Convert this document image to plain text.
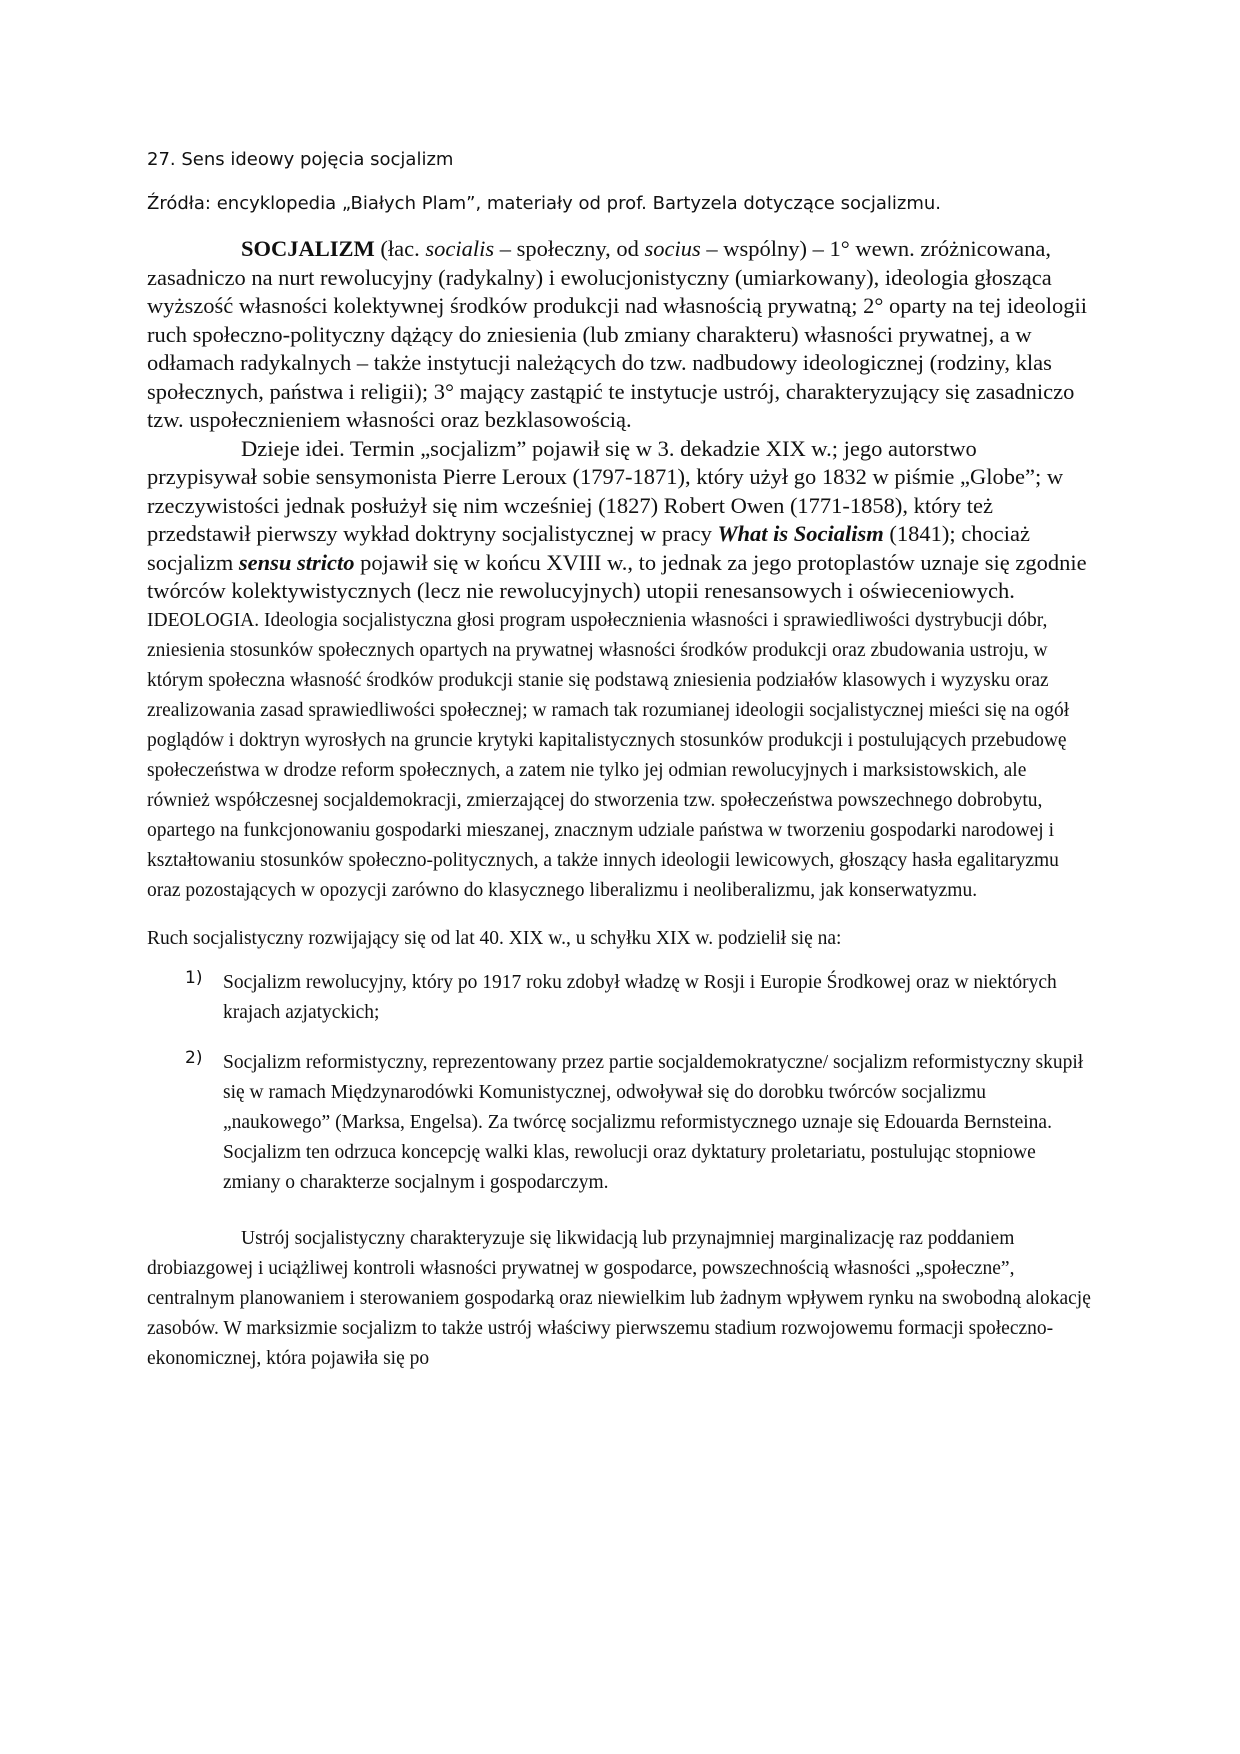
27. Sens ideowy pojęcia socjalizm

Źródła: encyklopedia „Białych Plam”, materiały od prof. Bartyzela dotyczące socjalizmu.

SOCJALIZM (łac. socialis – społeczny, od socius – wspólny) – 1° wewn. zróżnicowana, zasadniczo na nurt rewolucyjny (radykalny) i ewolucjonistyczny (umiarkowany), ideologia głosząca wyższość własności kolektywnej środków produkcji nad własnością prywatną; 2° oparty na tej ideologii ruch społeczno-polityczny dążący do zniesienia (lub zmiany charakteru) własności prywatnej, a w odłamach radykalnych – także instytucji należących do tzw. nadbudowy ideologicznej (rodziny, klas społecznych, państwa i religii); 3° mający zastąpić te instytucje ustrój, charakteryzujący się zasadniczo tzw. uspołecznieniem własności oraz bezklasowością.

Dzieje idei. Termin „socjalizm” pojawił się w 3. dekadzie XIX w.; jego autorstwo przypisywał sobie sensymonista Pierre Leroux (1797-1871), który użył go 1832 w piśmie „Globe”; w rzeczywistości jednak posłużył się nim wcześniej (1827) Robert Owen (1771-1858), który też przedstawił pierwszy wykład doktryny socjalistycznej w pracy What is Socialism (1841); chociaż socjalizm sensu stricto pojawił się w końcu XVIII w., to jednak za jego protoplastów uznaje się zgodnie twórców kolektywistycznych (lecz nie rewolucyjnych) utopii renesansowych i oświeceniowych.

IDEOLOGIA. Ideologia socjalistyczna głosi program uspołecznienia własności i sprawiedliwości dystrybucji dóbr, zniesienia stosunków społecznych opartych na prywatnej własności środków produkcji oraz zbudowania ustroju, w którym społeczna własność środków produkcji stanie się podstawą zniesienia podziałów klasowych i wyzysku oraz zrealizowania zasad sprawiedliwości społecznej; w ramach tak rozumianej ideologii socjalistycznej mieści się na ogół poglądów i doktryn wyrosłych na gruncie krytyki kapitalistycznych stosunków produkcji i postulujących przebudowę społeczeństwa w drodze reform społecznych, a zatem nie tylko jej odmian rewolucyjnych i marksistowskich, ale również współczesnej socjaldemokracji, zmierzającej do stworzenia tzw. społeczeństwa powszechnego dobrobytu, opartego na funkcjonowaniu gospodarki mieszanej, znacznym udziale państwa w tworzeniu gospodarki narodowej i kształtowaniu stosunków społeczno-politycznych, a także innych ideologii lewicowych, głoszący hasła egalitaryzmu oraz pozostających w opozycji zarówno do klasycznego liberalizmu i neoliberalizmu, jak konserwatyzmu.

Ruch socjalistyczny rozwijający się od lat 40. XIX w., u schyłku XIX w. podzielił się na:

1) Socjalizm rewolucyjny, który po 1917 roku zdobył władzę w Rosji i Europie Środkowej oraz w niektórych krajach azjatyckich;

2) Socjalizm reformistyczny, reprezentowany przez partie socjaldemokratyczne/ socjalizm reformistyczny skupił się w ramach Międzynarodówki Komunistycznej, odwoływał się do dorobku twórców socjalizmu „naukowego” (Marksa, Engelsa). Za twórcę socjalizmu reformistycznego uznaje się Edouarda Bernsteina. Socjalizm ten odrzuca koncepcję walki klas, rewolucji oraz dyktatury proletariatu, postulując stopniowe zmiany o charakterze socjalnym i gospodarczym.

Ustrój socjalistyczny charakteryzuje się likwidacją lub przynajmniej marginalizację raz poddaniem drobiazgowej i uciążliwej kontroli własności prywatnej w gospodarce, powszechnością własności „społeczne”, centralnym planowaniem i sterowaniem gospodarką oraz niewielkim lub żadnym wpływem rynku na swobodną alokację zasobów. W marksizmie socjalizm to także ustrój właściwy pierwszemu stadium rozwojowemu formacji społeczno-ekonomicznej, która pojawiła się po
